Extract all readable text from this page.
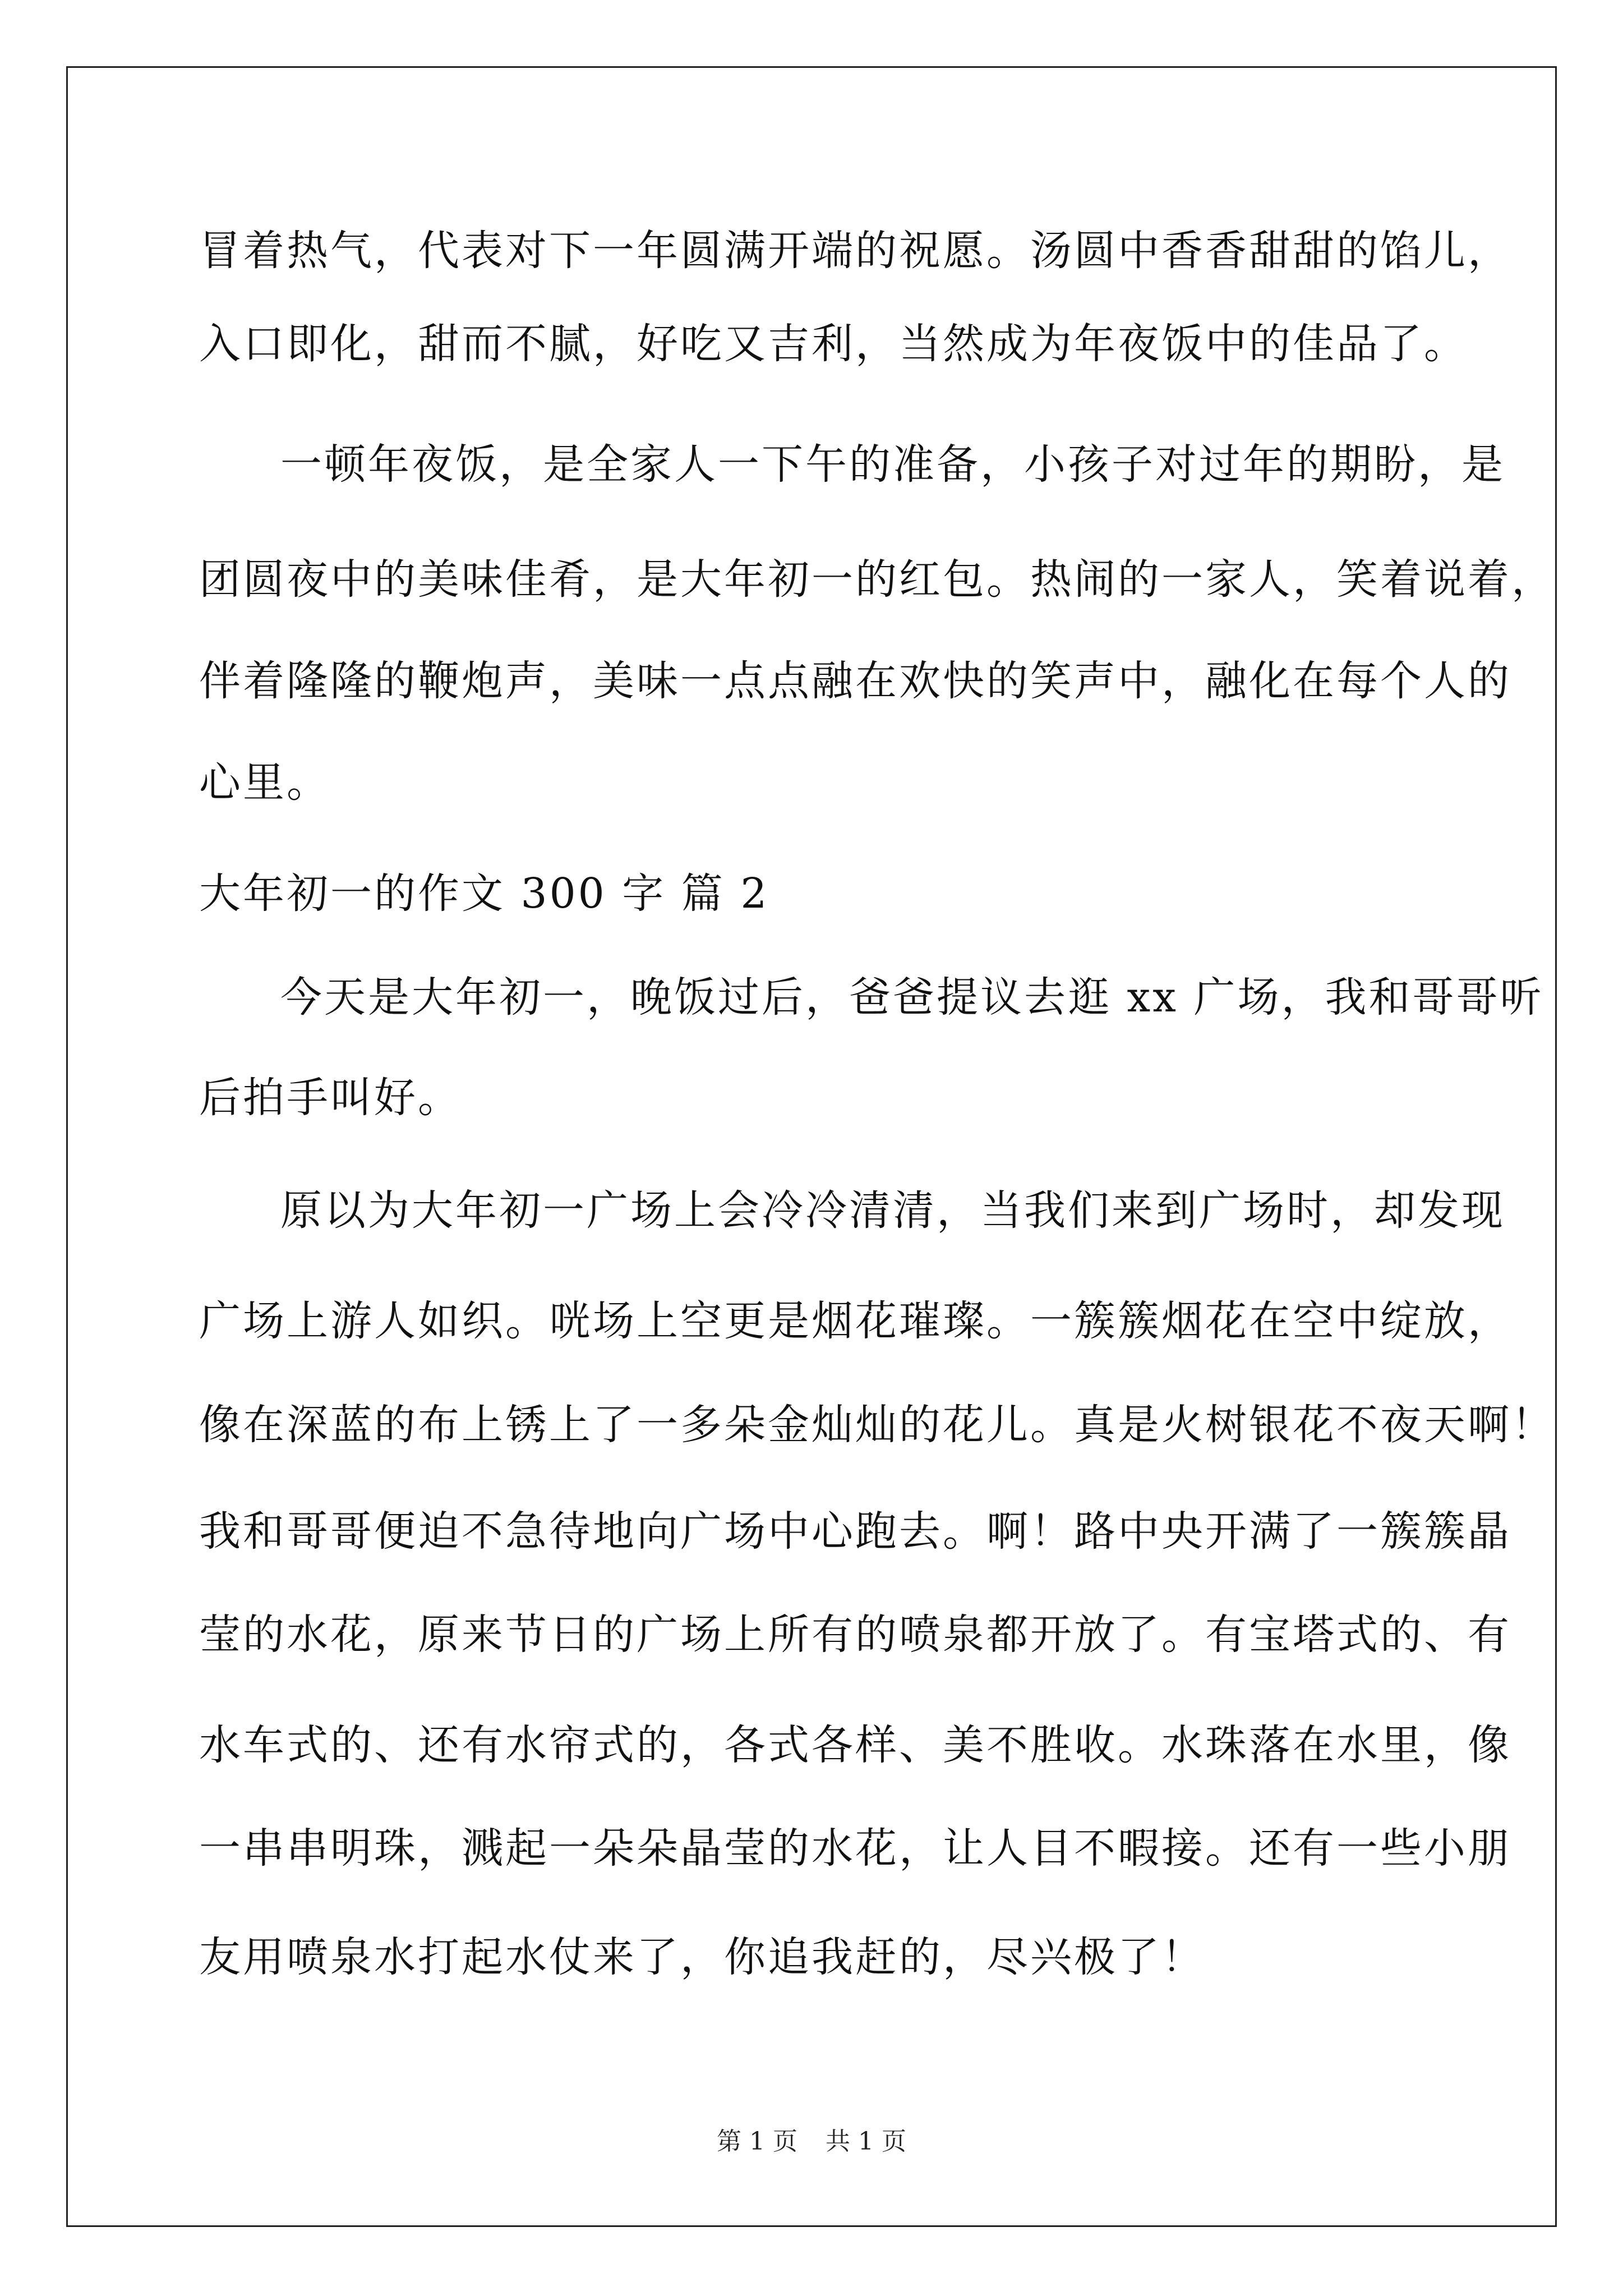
冒着热气，代表对下一年圆满开端的祝愿。汤圆中香香甜甜的馅儿，
入口即化，甜而不腻，好吃又吉利，当然成为年夜饭中的佳品了。
一顿年夜饭，是全家人一下午的准备，小孩子对过年的期盼，是
团圆夜中的美味佳肴，是大年初一的红包。热闹的一家人，笑着说着，
伴着隆隆的鞭炮声，美味一点点融在欢快的笑声中，融化在每个人的
心里。
大年初一的作文 300 字 篇 2
今天是大年初一，晚饭过后，爸爸提议去逛 xx 广场，我和哥哥听
后拍手叫好。
原以为大年初一广场上会冷冷清清，当我们来到广场时，却发现
广场上游人如织。咣场上空更是烟花璀璨。一簇簇烟花在空中绽放，
像在深蓝的布上锈上了一多朵金灿灿的花儿。真是火树银花不夜天啊！
我和哥哥便迫不急待地向广场中心跑去。啊！路中央开满了一簇簇晶
莹的水花，原来节日的广场上所有的喷泉都开放了。有宝塔式的、有
水车式的、还有水帘式的，各式各样、美不胜收。水珠落在水里，像
一串串明珠，溅起一朵朵晶莹的水花，让人目不暇接。还有一些小朋
友用喷泉水打起水仗来了，你追我赶的，尽兴极了！
第 1 页 共 1 页
